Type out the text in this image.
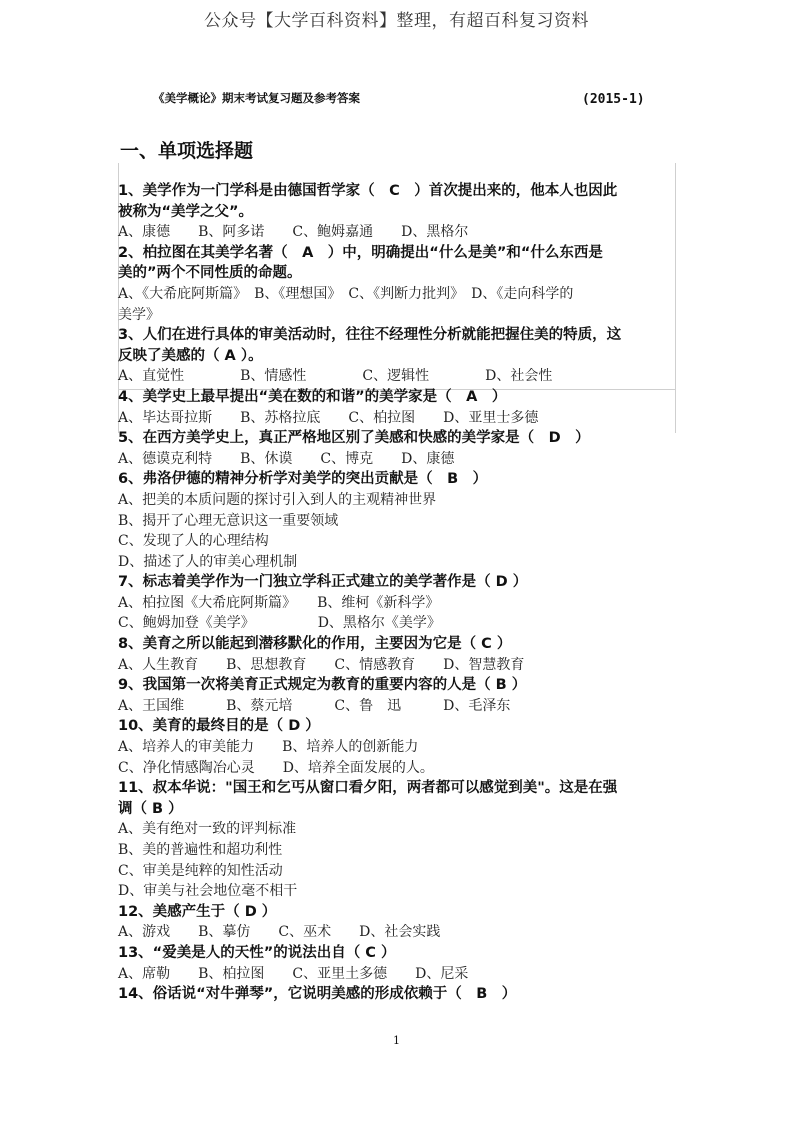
公众号【大学百科资料】整理，有超百科复习资料
《美学概论》期末考试复习题及参考答案	(2015-1)
一、单项选择题

1、美学作为一门学科是由德国哲学家（　C　）首次提出来的，他本人也因此
被称为“美学之父”。

A、康德　　B、阿多诺　　C、鲍姆嘉通　　D、黑格尔

2、柏拉图在其美学名著（　A　）中，明确提出“什么是美”和“什么东西是
美的”两个不同性质的命题。

A、《大希庇阿斯篇》　B、《理想国》　C、《判断力批判》　D、《走向科学的

美学》

3、人们在进行具体的审美活动时，往往不经理性分析就能把握住美的特质，这
反映了美感的（ A ）。

A、直觉性　　　　B、情感性　　　　C、逻辑性　　　　D、社会性

4、美学史上最早提出“美在数的和谐”的美学家是（　A　）

A、毕达哥拉斯　　B、苏格拉底　　C、柏拉图　　D、亚里士多德

5、在西方美学史上，真正严格地区别了美感和快感的美学家是（　D　）

A、德谟克利特　　B、休谟　　C、博克　　D、康德

6、弗洛伊德的精神分析学对美学的突出贡献是（　B　）

A、把美的本质问题的探讨引入到人的主观精神世界

B、揭开了心理无意识这一重要领域

C、发现了人的心理结构

D、描述了人的审美心理机制

7、标志着美学作为一门独立学科正式建立的美学著作是（ D ）

A、柏拉图《大希庇阿斯篇》　　B、维柯《新科学》

C、鲍姆加登《美学》　　　　　D、黑格尔《美学》

8、美育之所以能起到潜移默化的作用，主要因为它是（ C ）

A、人生教育　　B、思想教育　　C、情感教育　　D、智慧教育

9、我国第一次将美育正式规定为教育的重要内容的人是（ B ）

A、王国维　　　B、蔡元培　　　C、鲁　迅　　　D、毛泽东

10、美育的最终目的是（ D ）

A、培养人的审美能力　　B、培养人的创新能力

C、净化情感陶冶心灵　　D、培养全面发展的人。

11、叔本华说："国王和乞丐从窗口看夕阳，两者都可以感觉到美"。这是在强
调（ B ）

A、美有绝对一致的评判标准

B、美的普遍性和超功利性

C、审美是纯粹的知性活动

D、审美与社会地位毫不相干

12、美感产生于（ D ）

A、游戏　　B、摹仿　　C、巫术　　D、社会实践

13、“爱美是人的天性”的说法出自（ C ）

A、席勒　　B、柏拉图　　C、亚里土多德　　D、尼采

14、俗话说“对牛弹琴”，它说明美感的形成依赖于（　B　）

1
